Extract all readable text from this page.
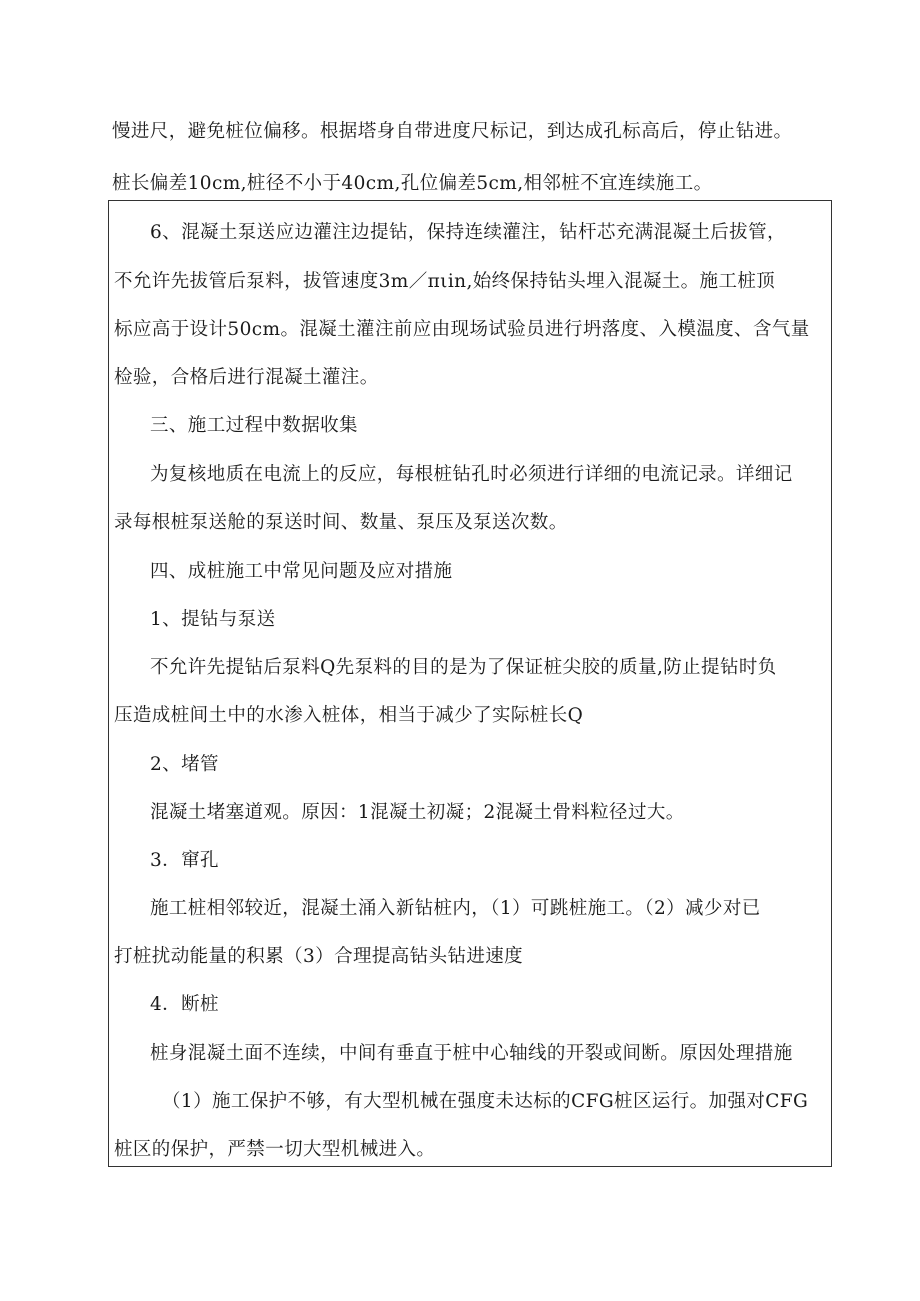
慢进尺，避免桩位偏移。根据塔身自带进度尺标记，到达成孔标高后，停止钻进。
桩长偏差10cm,桩径不小于40cm,孔位偏差5cm,相邻桩不宜连续施工。
6、混凝土泵送应边灌注边提钻，保持连续灌注，钻杆芯充满混凝土后拔管，
不允许先拔管后泵料，拔管速度3m／πιin,始终保持钻头埋入混凝土。施工桩顶
标应高于设计50cm。混凝土灌注前应由现场试验员进行坍落度、入模温度、含气量
检验，合格后进行混凝土灌注。
三、施工过程中数据收集
为复核地质在电流上的反应，每根桩钻孔时必须进行详细的电流记录。详细记
录每根桩泵送舱的泵送时间、数量、泵压及泵送次数。
四、成桩施工中常见问题及应对措施
1、提钻与泵送
不允许先提钻后泵料Q先泵料的目的是为了保证桩尖胶的质量,防止提钻时负
压造成桩间土中的水渗入桩体，相当于减少了实际桩长Q
2、堵管
混凝土堵塞道观。原因：1混凝土初凝；2混凝土骨料粒径过大。
3．窜孔
施工桩相邻较近，混凝土涌入新钻桩内，（1）可跳桩施工。（2）减少对已
打桩扰动能量的积累（3）合理提高钻头钻进速度
4．断桩
桩身混凝土面不连续，中间有垂直于桩中心轴线的开裂或间断。原因处理措施
（1）施工保护不够，有大型机械在强度未达标的CFG桩区运行。加强对CFG
桩区的保护，严禁一切大型机械进入。
